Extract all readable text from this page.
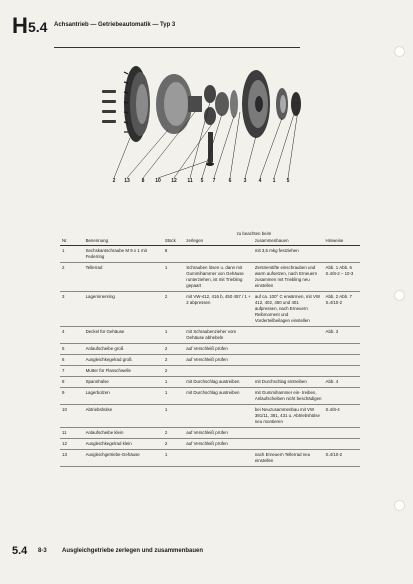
H 5.4 Achsantrieb — Getriebeautomatik — Typ 3
2 13 8 10 12 11 5 7	6 3 4 1 5
Nr.	Benennung	Stück	zu beachten beim		Hinweise
			zerlegen	zusammenbauen	
1	Sechskantschraube M 9 x 1 mit Federring	8		mit 3,5 mkg festziehen	
2	Tellerrad	1	Schrauben lösen u. dann mit Gummihammer von Gehäuse runterziehen, ist mit Triebling gepaart	Zentrierstifte einschrauben und warm aufsetzen, nach Erneuern zusammen mit Triebling neu einstellen	Abb. 1 Abb. 6 S.4/8-2 – 10-3
3	Lagerinnenring	2	mit VW-412, 416 b, 450 457 / 1 + 2 abpressen	auf ca. 100° C erwärmen, mit VW 412, 402, 450 und 401 aufpressen, nach Erneuern Reibmoment und Vorderteilbeilagen einstellen	Abb. 2 Abb. 7 S.4/10-2
4	Deckel für Gehäuse	1	mit Schraubenzieher vom Gehäuse abhebeln		Abb. 3
5	Anlaufscheibe groß	2	auf Verschleiß prüfen		
6	Ausgleichkegelrad groß	2	auf Verschleiß prüfen		
7	Mutter für Flanschwelle	2			
8	Spannhülse	1	mit Durchschlag austreiben	mit Durchschlag eintreiben	Abb. 4
9	Lagerbolzen	1	mit Durchschlag austreiben	mit Gummihammer ein- treiben, Anlaufscheiben nicht beschädigen	
10	Abtriebshülse	1		bei Neuzusammenbau mit VW 381/11, 381, 431 u. Abtriebshülse neu montieren	S.4/8-4
11	Anlaufscheibe klein	2	auf Verschleiß prüfen		
12	Ausgleichkegelrad klein	2	auf Verschleiß prüfen		
13	Ausgleichgetriebe-Gehäuse	1		nach Erneuern Tellerrad neu einstellen	S.4/10-2
5.4 8-3	Ausgleichgetriebe zerlegen und zusammenbauen
